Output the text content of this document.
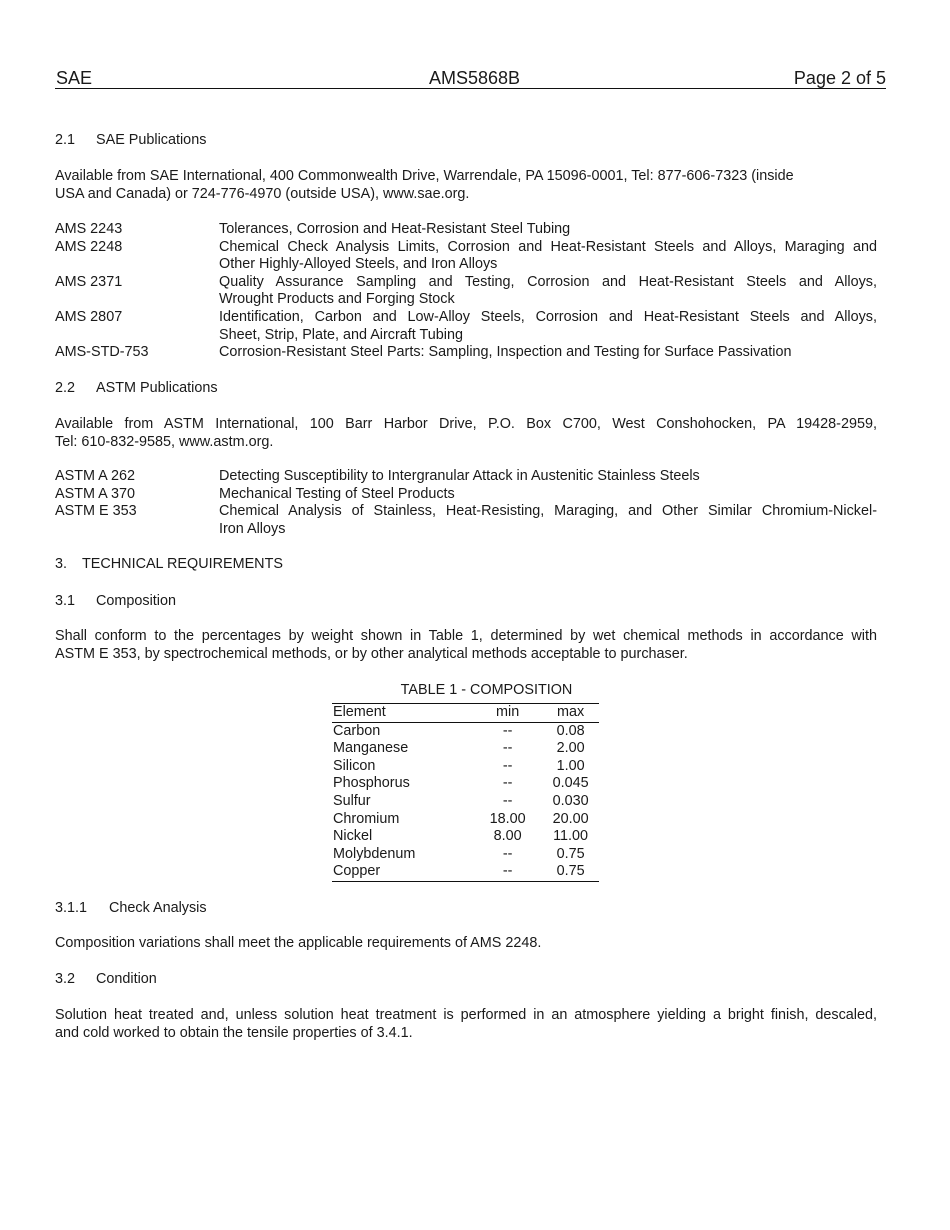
SAE	AMS5868B	Page 2 of 5
2.1 SAE Publications
Available from SAE International, 400 Commonwealth Drive, Warrendale, PA 15096-0001, Tel: 877-606-7323 (inside
USA and Canada) or 724-776-4970 (outside USA), www.sae.org.
AMS 2243	Tolerances, Corrosion and Heat-Resistant Steel Tubing
AMS 2248	Chemical Check Analysis Limits, Corrosion and Heat-Resistant Steels and Alloys, Maraging and
Other Highly-Alloyed Steels, and Iron Alloys
AMS 2371	Quality Assurance Sampling and Testing, Corrosion and Heat-Resistant Steels and Alloys,
Wrought Products and Forging Stock
AMS 2807	Identification, Carbon and Low-Alloy Steels, Corrosion and Heat-Resistant Steels and Alloys,
Sheet, Strip, Plate, and Aircraft Tubing
AMS-STD-753	Corrosion-Resistant Steel Parts: Sampling, Inspection and Testing for Surface Passivation
2.2 ASTM Publications
Available from ASTM International, 100 Barr Harbor Drive, P.O. Box C700, West Conshohocken, PA 19428-2959,
Tel: 610-832-9585, www.astm.org.
ASTM A 262	Detecting Susceptibility to Intergranular Attack in Austenitic Stainless Steels
ASTM A 370	Mechanical Testing of Steel Products
ASTM E 353	Chemical Analysis of Stainless, Heat-Resisting, Maraging, and Other Similar Chromium-Nickel-
Iron Alloys
3. TECHNICAL REQUIREMENTS
3.1 Composition
Shall conform to the percentages by weight shown in Table 1, determined by wet chemical methods in accordance with
ASTM E 353, by spectrochemical methods, or by other analytical methods acceptable to purchaser.
TABLE 1 - COMPOSITION
Element	min	max
Carbon	--	0.08
Manganese	--	2.00
Silicon	--	1.00
Phosphorus	--	0.045
Sulfur	--	0.030
Chromium	18.00	20.00
Nickel	8.00	11.00
Molybdenum	--	0.75
Copper	--	0.75
3.1.1 Check Analysis
Composition variations shall meet the applicable requirements of AMS 2248.
3.2 Condition
Solution heat treated and, unless solution heat treatment is performed in an atmosphere yielding a bright finish, descaled,
and cold worked to obtain the tensile properties of 3.4.1.
